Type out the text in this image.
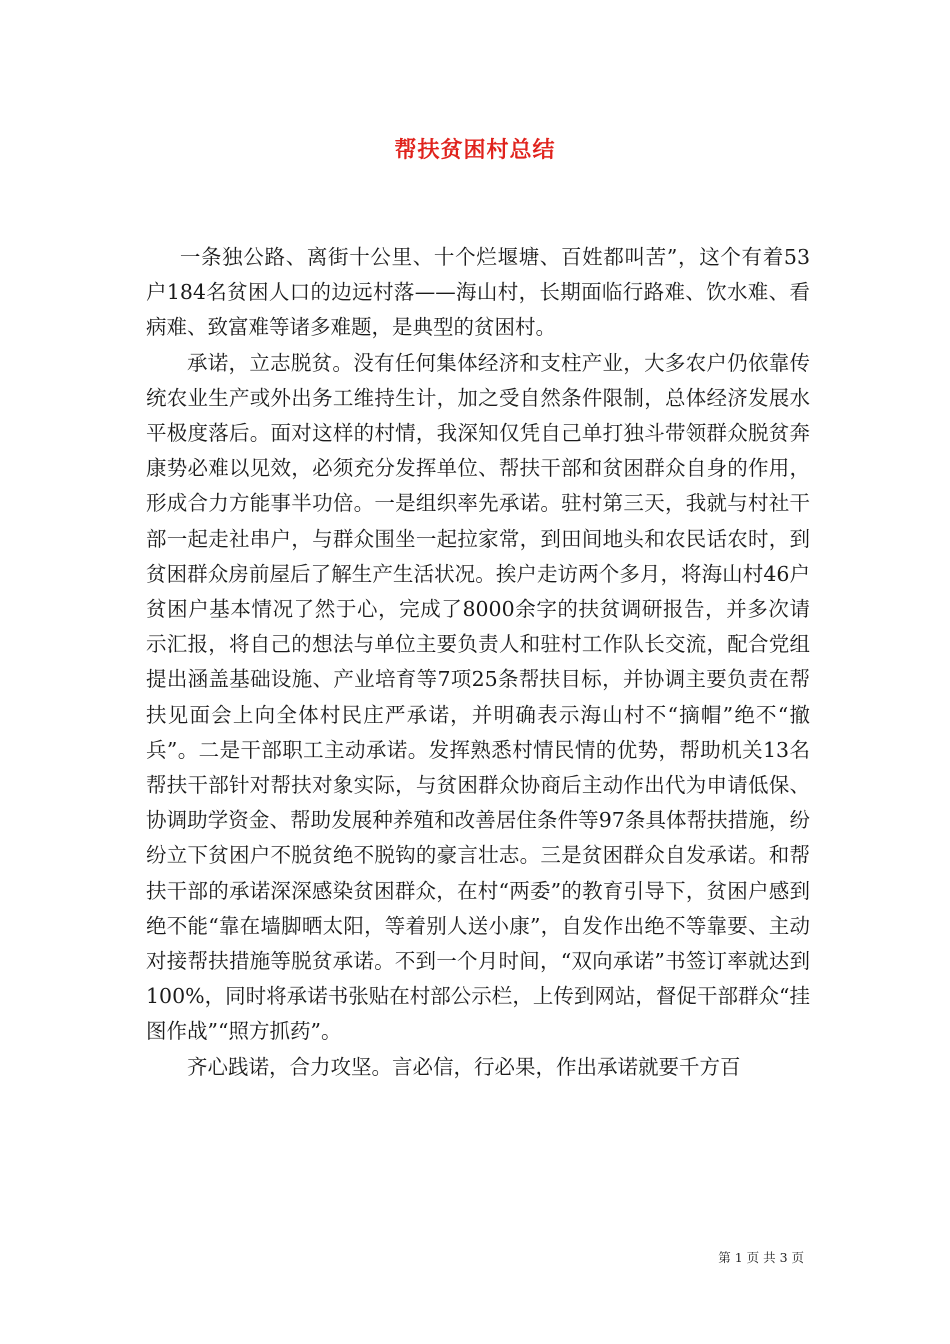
帮扶贫困村总结

一条独公路、离街十公里、十个烂堰塘、百姓都叫苦”，这个有着53户184名贫困人口的边远村落——海山村，长期面临行路难、饮水难、看病难、致富难等诸多难题，是典型的贫困村。

承诺，立志脱贫。没有任何集体经济和支柱产业，大多农户仍依靠传统农业生产或外出务工维持生计，加之受自然条件限制，总体经济发展水平极度落后。面对这样的村情，我深知仅凭自己单打独斗带领群众脱贫奔康势必难以见效，必须充分发挥单位、帮扶干部和贫困群众自身的作用，形成合力方能事半功倍。一是组织率先承诺。驻村第三天，我就与村社干部一起走社串户，与群众围坐一起拉家常，到田间地头和农民话农时，到贫困群众房前屋后了解生产生活状况。挨户走访两个多月，将海山村46户贫困户基本情况了然于心，完成了8000余字的扶贫调研报告，并多次请示汇报，将自己的想法与单位主要负责人和驻村工作队长交流，配合党组提出涵盖基础设施、产业培育等7项25条帮扶目标，并协调主要负责在帮扶见面会上向全体村民庄严承诺，并明确表示海山村不“摘帽”绝不“撤兵”。二是干部职工主动承诺。发挥熟悉村情民情的优势，帮助机关13名帮扶干部针对帮扶对象实际，与贫困群众协商后主动作出代为申请低保、协调助学资金、帮助发展种养殖和改善居住条件等97条具体帮扶措施，纷纷立下贫困户不脱贫绝不脱钩的豪言壮志。三是贫困群众自发承诺。和帮扶干部的承诺深深感染贫困群众，在村“两委”的教育引导下，贫困户感到绝不能“靠在墙脚晒太阳，等着别人送小康”，自发作出绝不等靠要、主动对接帮扶措施等脱贫承诺。不到一个月时间，“双向承诺”书签订率就达到100%，同时将承诺书张贴在村部公示栏，上传到网站，督促干部群众“挂图作战”“照方抓药”。

齐心践诺，合力攻坚。言必信，行必果，作出承诺就要千方百

第 1 页 共 3 页
